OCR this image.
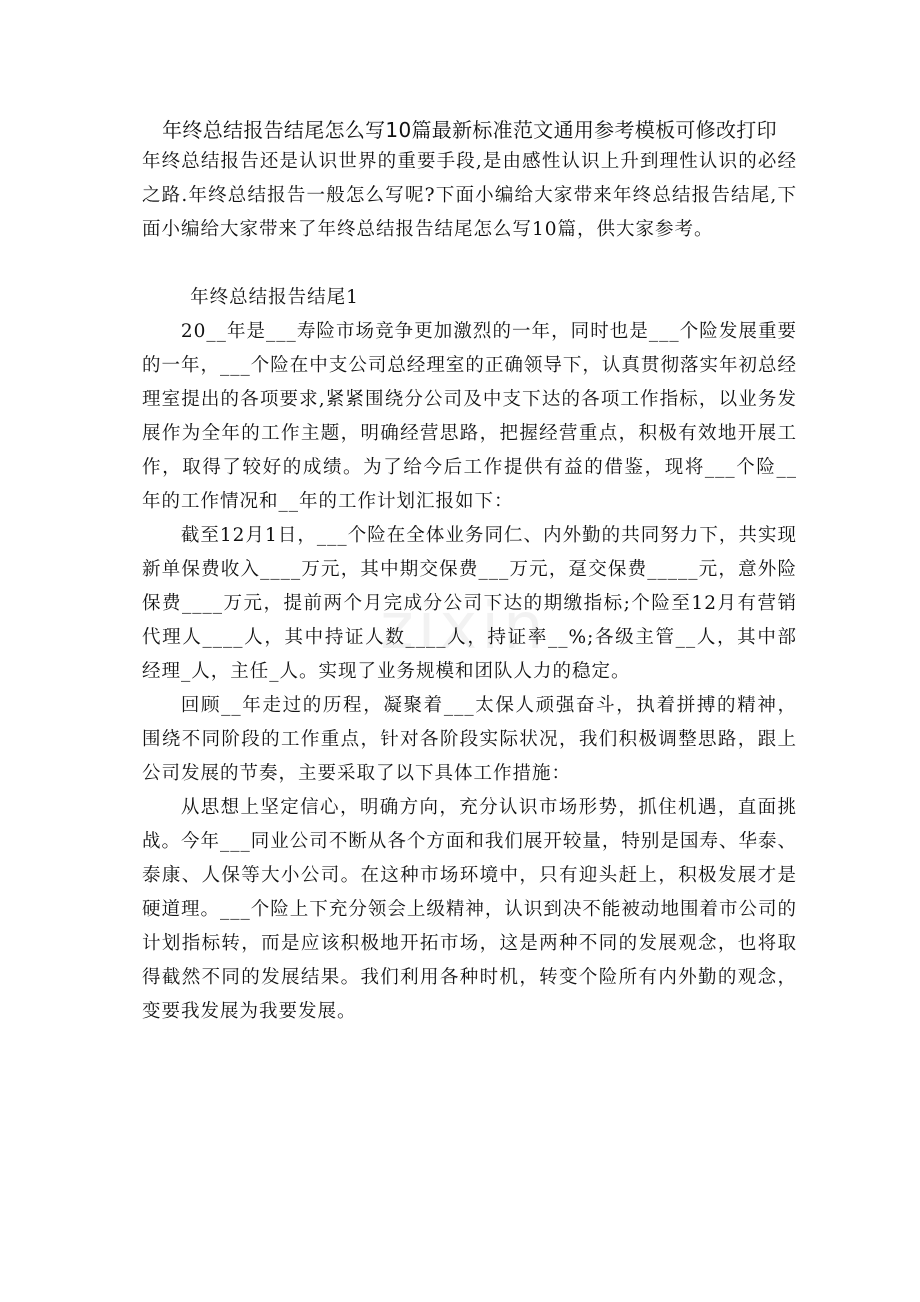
zixin
年终总结报告结尾怎么写10篇最新标准范文通用参考模板可修改打印

年终总结报告还是认识世界的重要手段,是由感性认识上升到理性认识的必经之路.年终总结报告一般怎么写呢?下面小编给大家带来年终总结报告结尾,下面小编给大家带来了年终总结报告结尾怎么写10篇，供大家参考。

年终总结报告结尾1

20__年是___寿险市场竞争更加激烈的一年，同时也是___个险发展重要的一年，___个险在中支公司总经理室的正确领导下，认真贯彻落实年初总经理室提出的各项要求,紧紧围绕分公司及中支下达的各项工作指标，以业务发展作为全年的工作主题，明确经营思路，把握经营重点，积极有效地开展工作，取得了较好的成绩。为了给今后工作提供有益的借鉴，现将___个险__年的工作情况和__年的工作计划汇报如下：

截至12月1日，___个险在全体业务同仁、内外勤的共同努力下，共实现新单保费收入____万元，其中期交保费___万元，趸交保费_____元，意外险保费____万元，提前两个月完成分公司下达的期缴指标;个险至12月有营销代理人____人，其中持证人数____人，持证率__%;各级主管__人，其中部经理_人，主任_人。实现了业务规模和团队人力的稳定。

回顾__年走过的历程，凝聚着___太保人顽强奋斗，执着拼搏的精神，围绕不同阶段的工作重点，针对各阶段实际状况，我们积极调整思路，跟上公司发展的节奏，主要采取了以下具体工作措施：

从思想上坚定信心，明确方向，充分认识市场形势，抓住机遇，直面挑战。今年___同业公司不断从各个方面和我们展开较量，特别是国寿、华泰、泰康、人保等大小公司。在这种市场环境中，只有迎头赶上，积极发展才是硬道理。___个险上下充分领会上级精神，认识到决不能被动地围着市公司的计划指标转，而是应该积极地开拓市场，这是两种不同的发展观念，也将取得截然不同的发展结果。我们利用各种时机，转变个险所有内外勤的观念，变要我发展为我要发展。
